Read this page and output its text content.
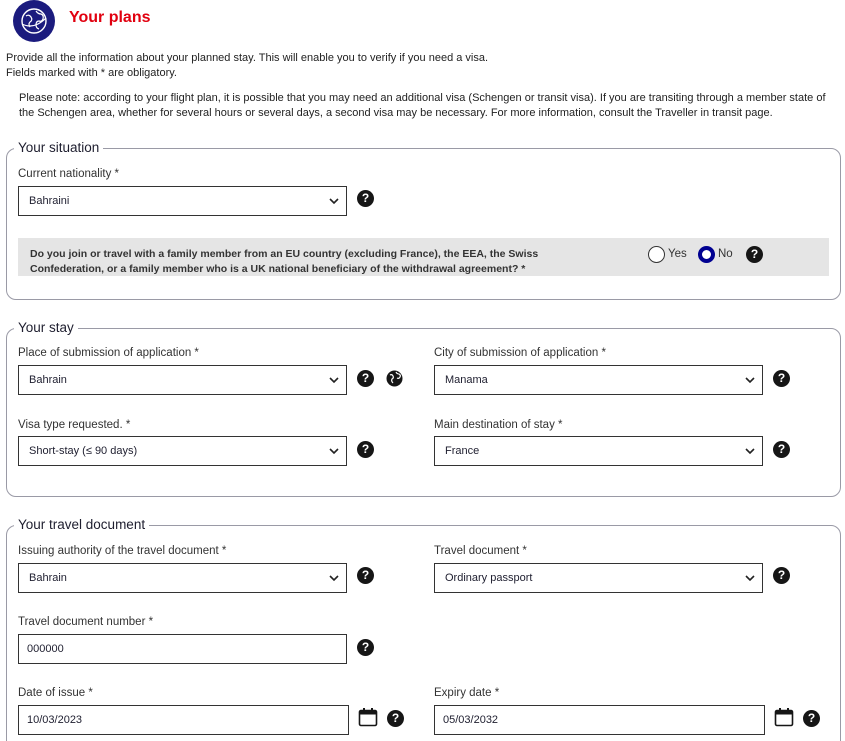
Your plans
Provide all the information about your planned stay. This will enable you to verify if you need a visa.
Fields marked with * are obligatory.
Please note: according to your flight plan, it is possible that you may need an additional visa (Schengen or transit visa). If you are transiting through a member state of the Schengen area, whether for several hours or several days, a second visa may be necessary. For more information, consult the Traveller in transit page.
Your situation
Current nationality *
Bahraini	?
Do you join or travel with a family member from an EU country (excluding France), the EEA, the Swiss Confederation, or a family member who is a UK national beneficiary of the withdrawal agreement? *
Yes	No	?
Your stay
Place of submission of application *
Bahrain	?
City of submission of application *
Manama	?
Visa type requested. *
Short-stay (≤ 90 days)	?
Main destination of stay *
France	?
Your travel document
Issuing authority of the travel document *
Bahrain	?
Travel document *
Ordinary passport	?
Travel document number *
000000	?
Date of issue *
10/03/2023	?
Expiry date *
05/03/2032	?
